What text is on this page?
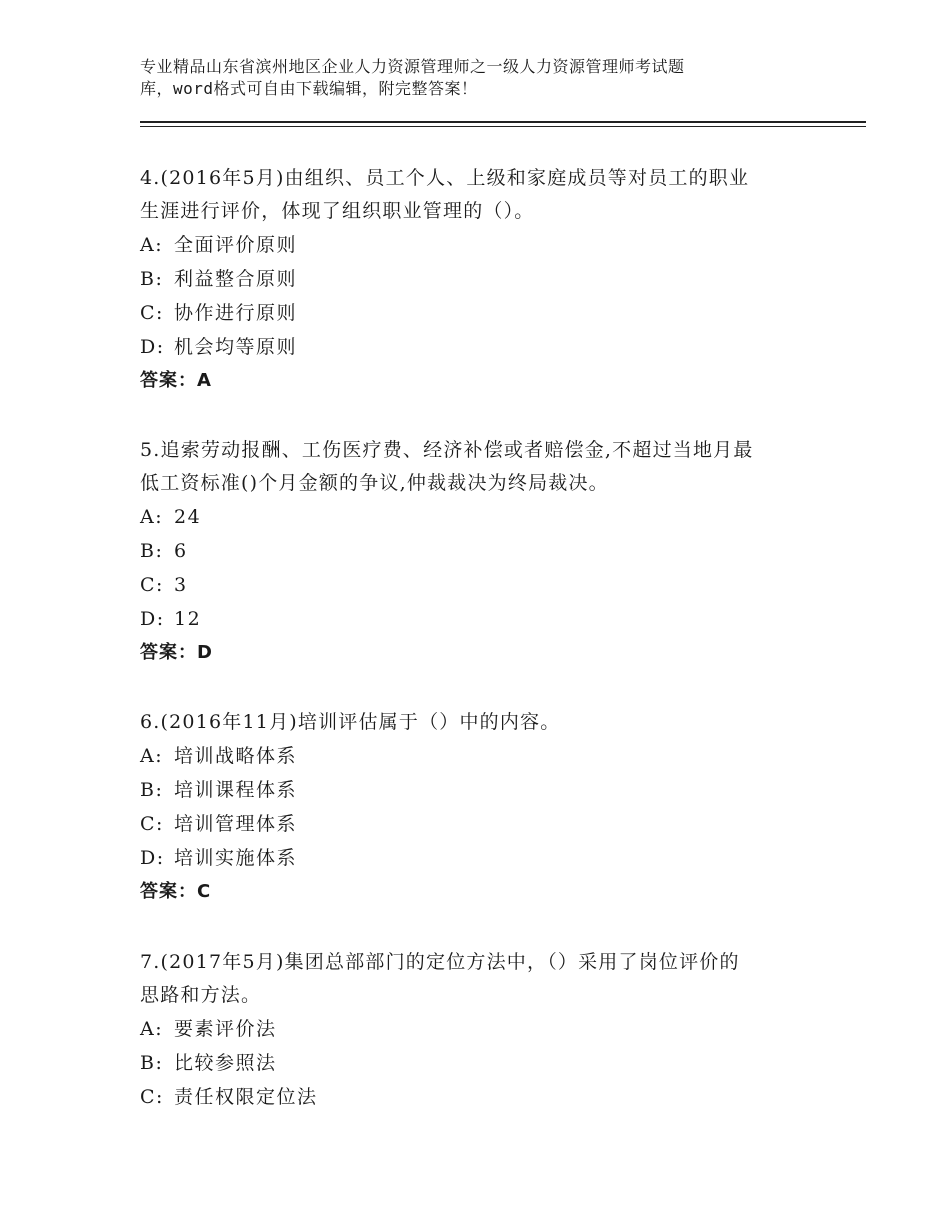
专业精品山东省滨州地区企业人力资源管理师之一级人力资源管理师考试题
库，word格式可自由下载编辑，附完整答案！
4.(2016年5月)由组织、员工个人、上级和家庭成员等对员工的职业
生涯进行评价，体现了组织职业管理的（）。
A: 全面评价原则
B: 利益整合原则
C: 协作进行原则
D: 机会均等原则
答案：A
5.追索劳动报酬、工伤医疗费、经济补偿或者赔偿金,不超过当地月最
低工资标准()个月金额的争议,仲裁裁决为终局裁决。
A: 24
B: 6
C: 3
D: 12
答案：D
6.(2016年11月)培训评估属于（）中的内容。
A: 培训战略体系
B: 培训课程体系
C: 培训管理体系
D: 培训实施体系
答案：C
7.(2017年5月)集团总部部门的定位方法中，（）采用了岗位评价的
思路和方法。
A: 要素评价法
B: 比较参照法
C: 责任权限定位法
